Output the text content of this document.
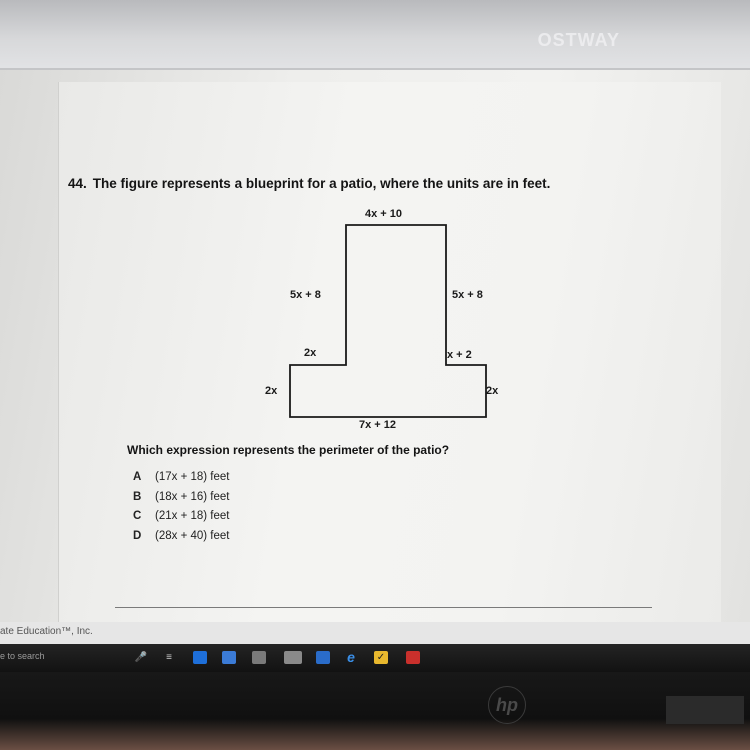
OSTWAY

44. The figure represents a blueprint for a patio, where the units are in feet.

4x + 10
5x + 8	5x + 8
2x	x + 2
2x	2x
7x + 12

Which expression represents the perimeter of the patio?

A (17x + 18) feet
B (18x + 16) feet
C (21x + 18) feet
D (28x + 40) feet
ate Education™, Inc.
e to search	🎤	≡	e	✓
hp
